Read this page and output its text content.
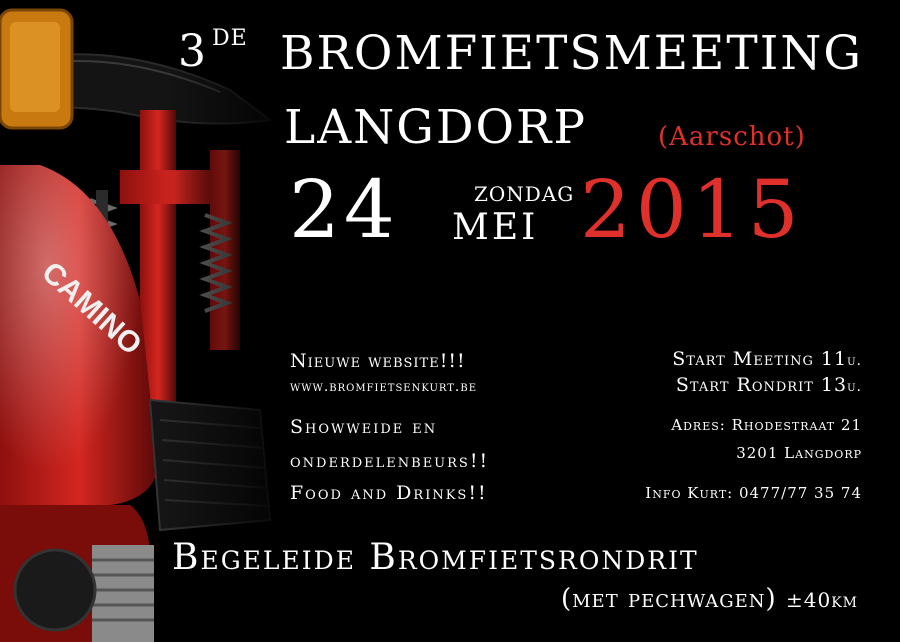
3 DE BROMFIETSMEETING
LANGDORP	(Aarschot)
24	ZONDAG
MEI 2015
Nieuwe website!!!
www.bromfietsenkurt.be
Showweide en
onderdelenbeurs!!
Food and Drinks!!
Start Meeting 11u.
Start Rondrit 13u.
Adres: Rhodestraat 21
3201 Langdorp
Info Kurt: 0477/77 35 74
Begeleide Bromfietsrondrit
(met pechwagen) ±40km
